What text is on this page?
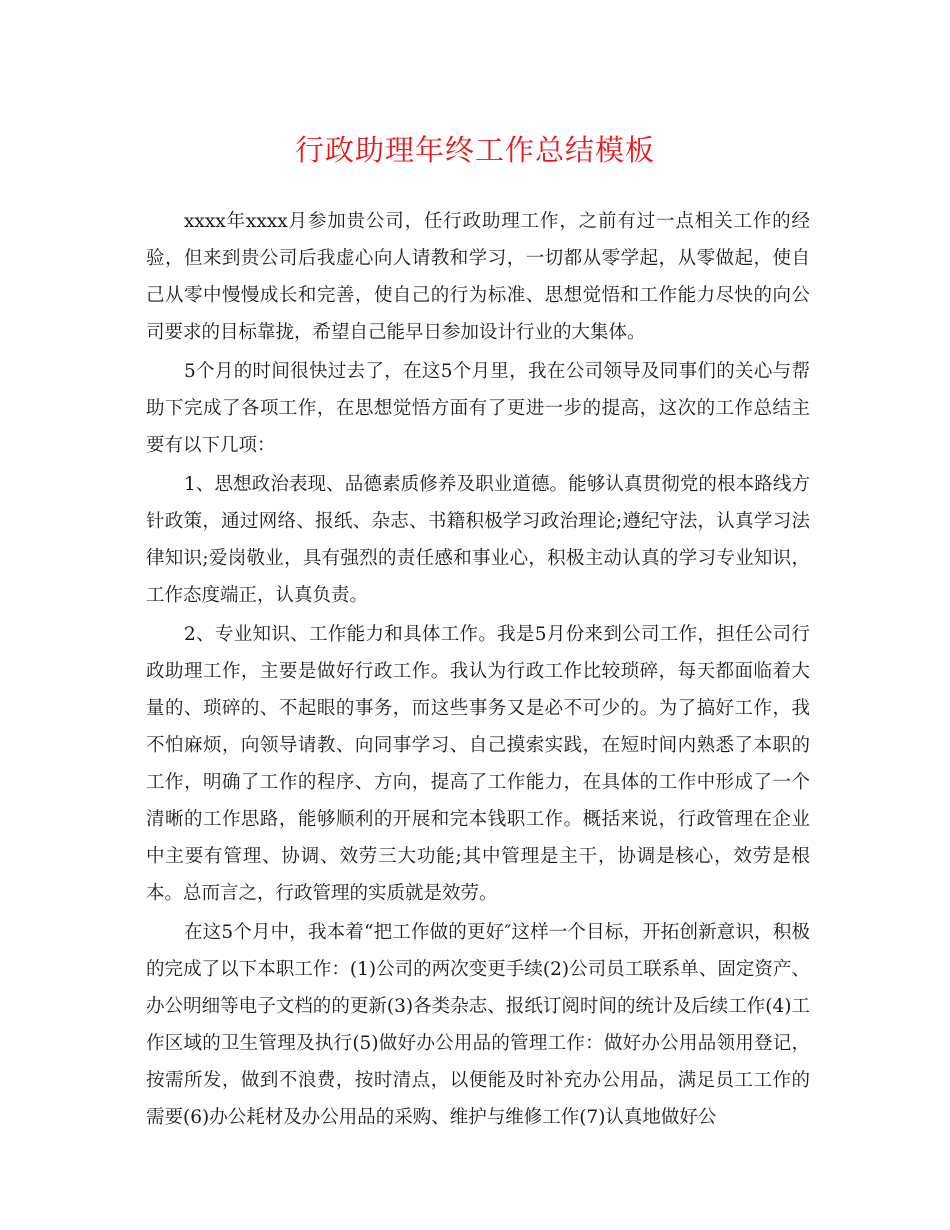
行政助理年终工作总结模板

xxxx年xxxx月参加贵公司，任行政助理工作，之前有过一点相关工作的经验，但来到贵公司后我虚心向人请教和学习，一切都从零学起，从零做起，使自己从零中慢慢成长和完善，使自己的行为标准、思想觉悟和工作能力尽快的向公司要求的目标靠拢，希望自己能早日参加设计行业的大集体。

5个月的时间很快过去了，在这5个月里，我在公司领导及同事们的关心与帮助下完成了各项工作，在思想觉悟方面有了更进一步的提高，这次的工作总结主要有以下几项：

1、思想政治表现、品德素质修养及职业道德。能够认真贯彻党的根本路线方针政策，通过网络、报纸、杂志、书籍积极学习政治理论;遵纪守法，认真学习法律知识;爱岗敬业，具有强烈的责任感和事业心，积极主动认真的学习专业知识，工作态度端正，认真负责。

2、专业知识、工作能力和具体工作。我是5月份来到公司工作，担任公司行政助理工作，主要是做好行政工作。我认为行政工作比较琐碎，每天都面临着大量的、琐碎的、不起眼的事务，而这些事务又是必不可少的。为了搞好工作，我不怕麻烦，向领导请教、向同事学习、自己摸索实践，在短时间内熟悉了本职的工作，明确了工作的程序、方向，提高了工作能力，在具体的工作中形成了一个清晰的工作思路，能够顺利的开展和完本钱职工作。概括来说，行政管理在企业中主要有管理、协调、效劳三大功能;其中管理是主干，协调是核心，效劳是根本。总而言之，行政管理的实质就是效劳。

在这5个月中，我本着“把工作做的更好″这样一个目标，开拓创新意识，积极的完成了以下本职工作：(1)公司的两次变更手续(2)公司员工联系单、固定资产、办公明细等电子文档的的更新(3)各类杂志、报纸订阅时间的统计及后续工作(4)工作区域的卫生管理及执行(5)做好办公用品的管理工作：做好办公用品领用登记，按需所发，做到不浪费，按时清点，以便能及时补充办公用品，满足员工工作的需要(6)办公耗材及办公用品的采购、维护与维修工作(7)认真地做好公
